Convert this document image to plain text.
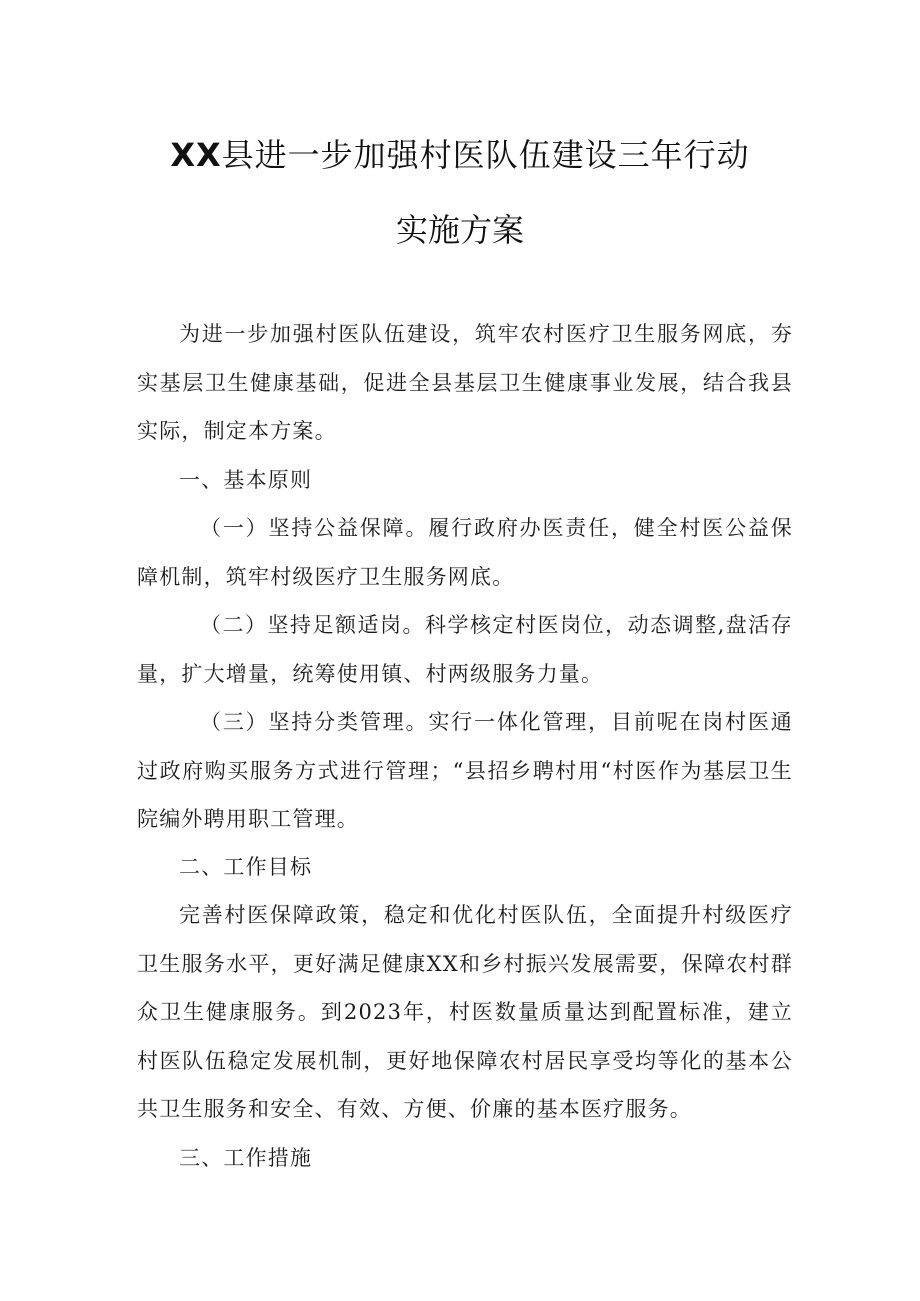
XX县进一步加强村医队伍建设三年行动
实施方案

为进一步加强村医队伍建设，筑牢农村医疗卫生服务网底，夯实基层卫生健康基础，促进全县基层卫生健康事业发展，结合我县实际，制定本方案。

一、基本原则

（一）坚持公益保障。履行政府办医责任，健全村医公益保障机制，筑牢村级医疗卫生服务网底。

（二）坚持足额适岗。科学核定村医岗位，动态调整,盘活存量，扩大增量，统筹使用镇、村两级服务力量。

（三）坚持分类管理。实行一体化管理，目前呢在岗村医通过政府购买服务方式进行管理；“县招乡聘村用“村医作为基层卫生院编外聘用职工管理。

二、工作目标

完善村医保障政策，稳定和优化村医队伍，全面提升村级医疗卫生服务水平，更好满足健康XX和乡村振兴发展需要，保障农村群众卫生健康服务。到2023年，村医数量质量达到配置标准，建立村医队伍稳定发展机制，更好地保障农村居民享受均等化的基本公共卫生服务和安全、有效、方便、价廉的基本医疗服务。

三、工作措施
